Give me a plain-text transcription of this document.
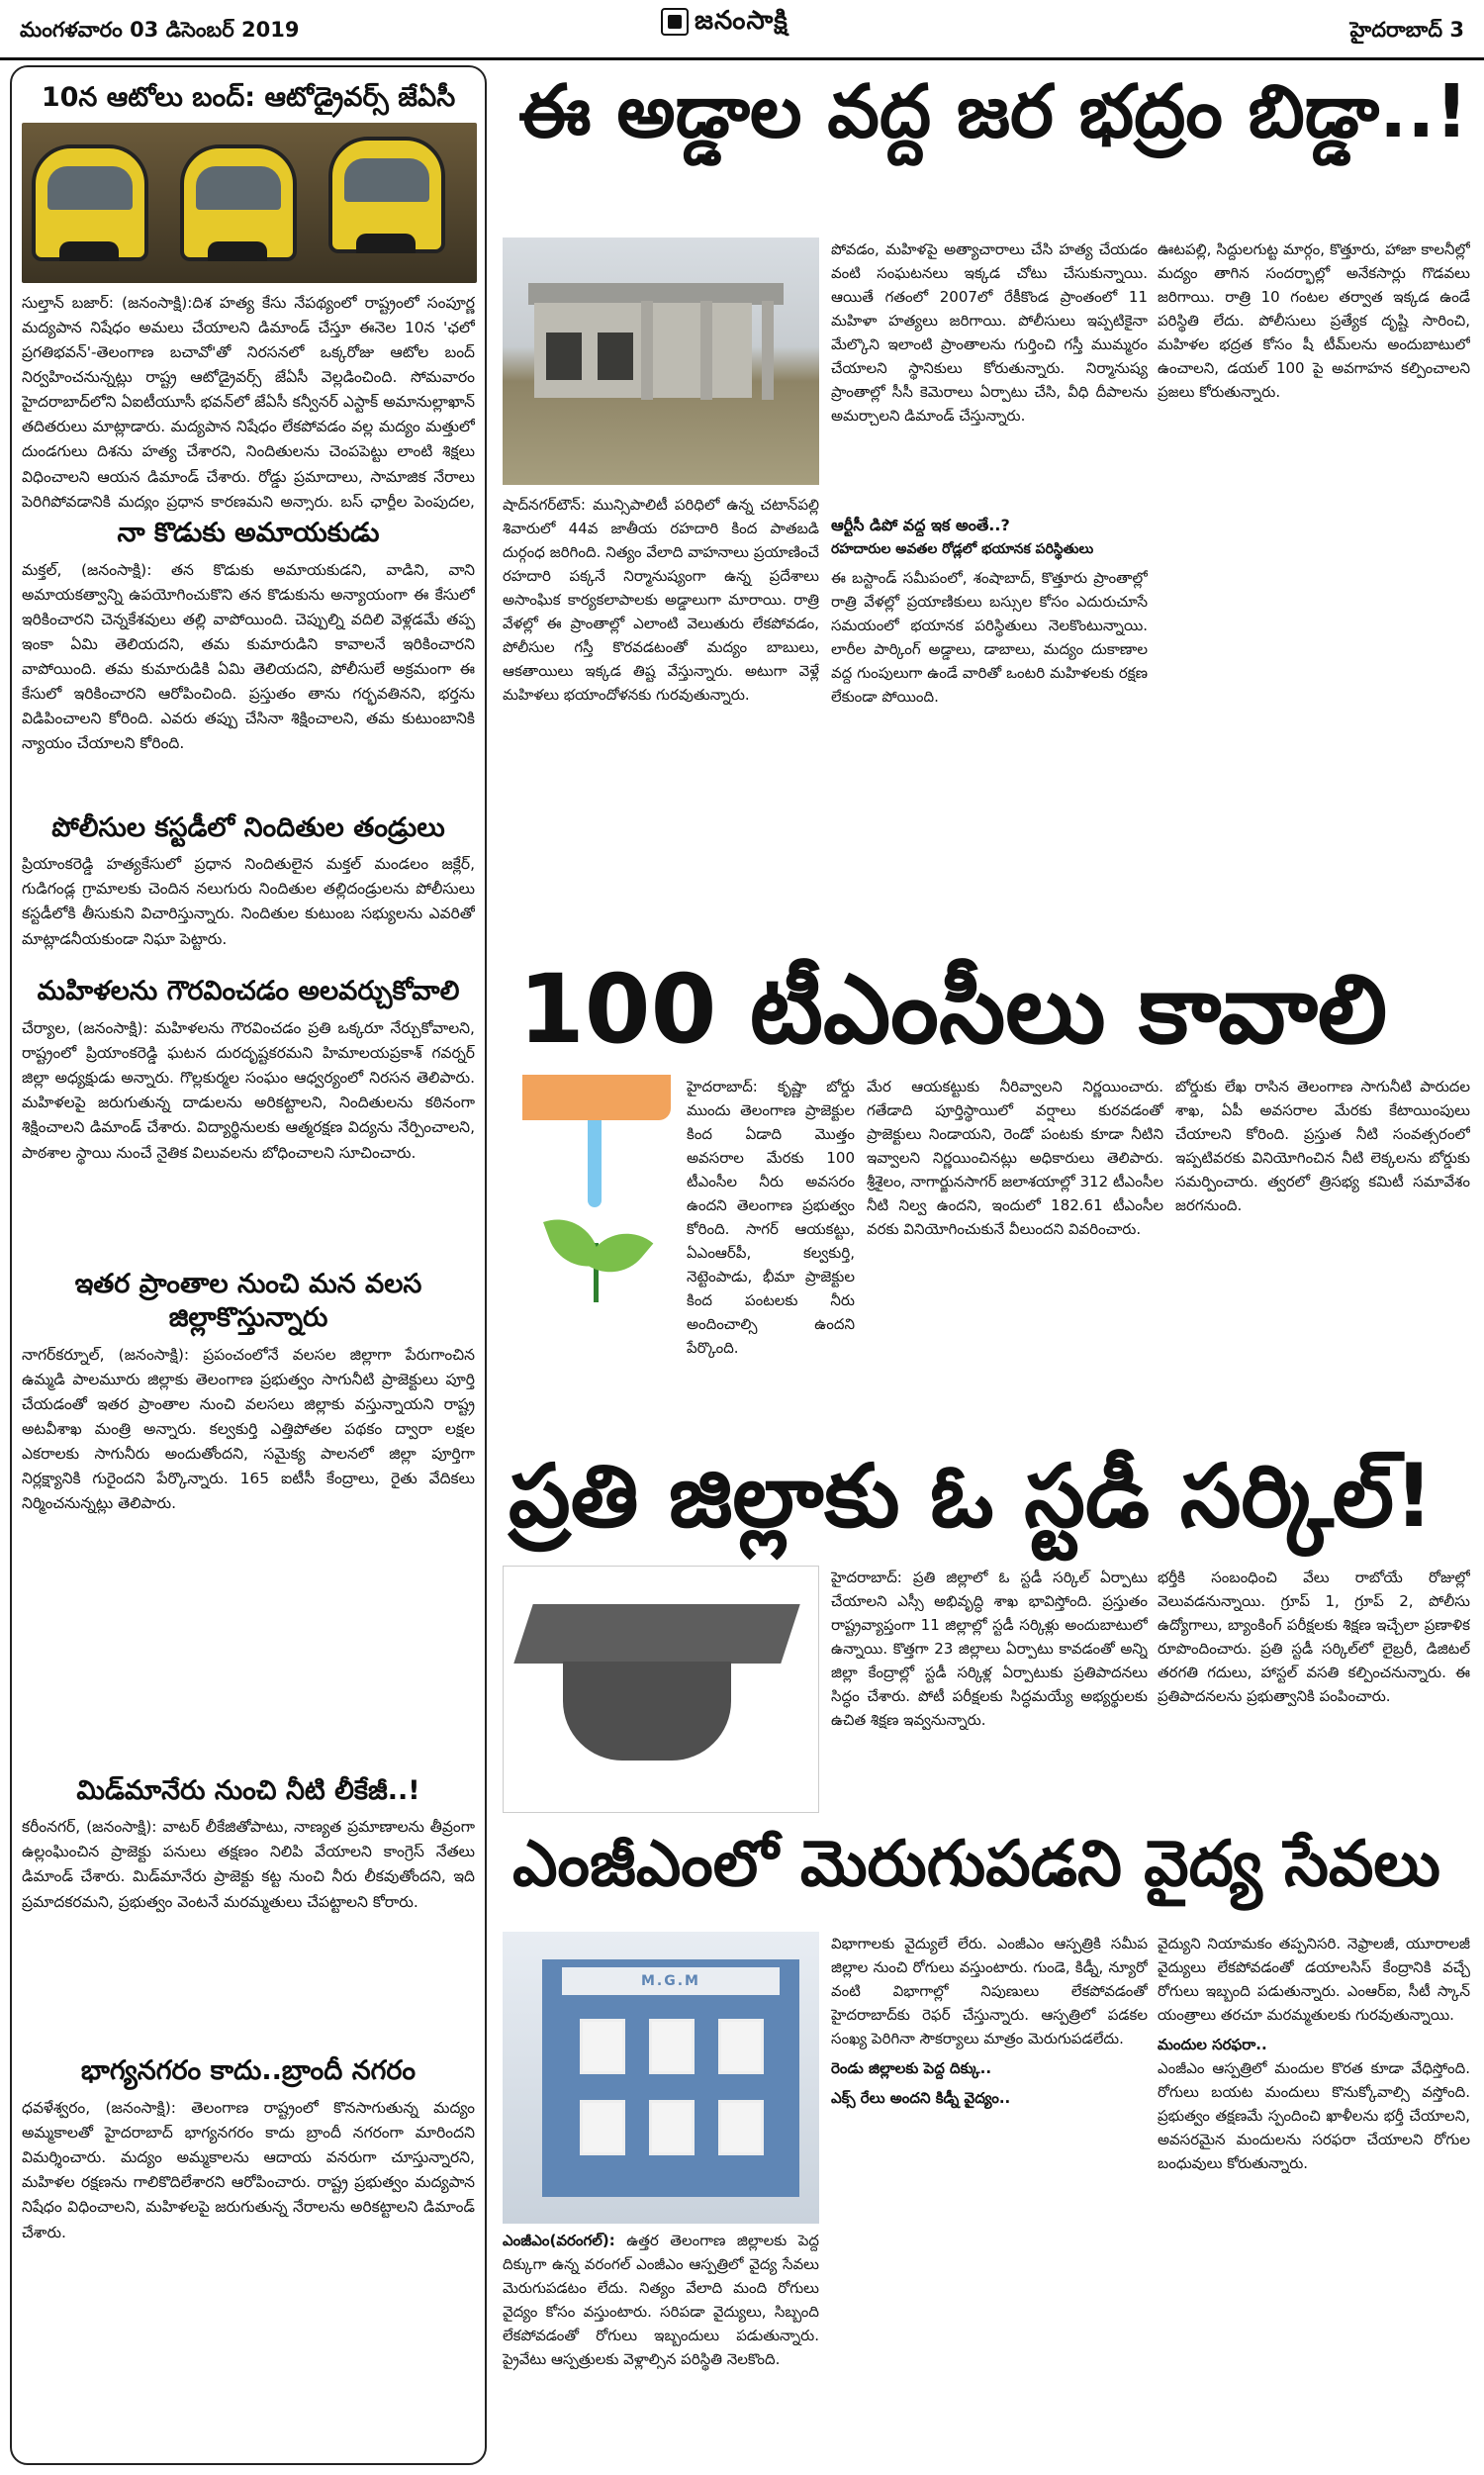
మంగళవారం 03 డిసెంబర్ 2019	జనంసాక్షి	హైదరాబాద్ 3
10న ఆటోలు బంద్‌: ఆటోడ్రైవర్స్‌ జేఏసీ
సుల్తాన్‌ బజార్‌: (జనంసాక్షి):దిశ హత్య కేసు నేపథ్యంలో రాష్ట్రంలో సంపూర్ణ మద్యపాన నిషేధం అమలు చేయాలని డిమాండ్‌ చేస్తూ ఈనెల 10న 'ఛలో ప్రగతిభవన్‌'-తెలంగాణ బచావో'తో నిరసనలో ఒక్కరోజు ఆటోల బంద్‌ నిర్వహించనున్నట్లు రాష్ట్ర ఆటోడ్రైవర్స్‌ జేఏసీ వెల్లడించింది. సోమవారం హైదరాబాద్‌లోని ఏఐటీయూసీ భవన్‌లో జేఏసీ కన్వీనర్‌ ఎస్టాక్‌ అమానుల్లాఖాన్‌ తదితరులు మాట్లాడారు. మద్యపాన నిషేధం లేకపోవడం వల్ల మద్యం మత్తులో దుండగులు దిశను హత్య చేశారని, నిందితులను చెంపపెట్టు లాంటి శిక్షలు విధించాలని ఆయన డిమాండ్‌ చేశారు. రోడ్డు ప్రమాదాలు, సామాజిక నేరాలు పెరిగిపోవడానికి మద్యం ప్రధాన కారణమని అన్నారు. బస్‌ ఛార్జీల పెంపుదల,
నా కొడుకు అమాయకుడు
మక్తల్‌, (జనంసాక్షి): తన కొడుకు అమాయకుడని, వాడిని, వాని అమాయకత్వాన్ని ఉపయోగించుకొని తన కొడుకును అన్యాయంగా ఈ కేసులో ఇరికించారని చెన్నకేశవులు తల్లి వాపోయింది. చెప్పుల్ని వదిలి వెళ్లడమే తప్ప ఇంకా ఏమి తెలియదని, తమ కుమారుడిని కావాలనే ఇరికించారని వాపోయింది. తమ కుమారుడికి ఏమి తెలియదని, పోలీసులే అక్రమంగా ఈ కేసులో ఇరికించారని ఆరోపించింది. ప్రస్తుతం తాను గర్భవతినని, భర్తను విడిపించాలని కోరింది. ఎవరు తప్పు చేసినా శిక్షించాలని, తమ కుటుంబానికి న్యాయం చేయాలని కోరింది.
పోలీసుల కస్టడీలో నిందితుల తండ్రులు
ప్రియాంకరెడ్డి హత్యకేసులో ప్రధాన నిందితులైన మక్తల్‌ మండలం జక్లేర్‌, గుడిగండ్ల గ్రామాలకు చెందిన నలుగురు నిందితుల తల్లిదండ్రులను పోలీసులు కస్టడీలోకి తీసుకుని విచారిస్తున్నారు. నిందితుల కుటుంబ సభ్యులను ఎవరితో మాట్లాడనీయకుండా నిఘా పెట్టారు.
మహిళలను గౌరవించడం అలవర్చుకోవాలి
చేర్యాల, (జనంసాక్షి): మహిళలను గౌరవించడం ప్రతి ఒక్కరూ నేర్చుకోవాలని, రాష్ట్రంలో ప్రియాంకరెడ్డి ఘటన దురదృష్టకరమని హిమాలయప్రకాశ్‌ గవర్నర్‌ జిల్లా అధ్యక్షుడు అన్నారు. గొల్లకుర్మల సంఘం ఆధ్వర్యంలో నిరసన తెలిపారు. మహిళలపై జరుగుతున్న దాడులను అరికట్టాలని, నిందితులను కఠినంగా శిక్షించాలని డిమాండ్‌ చేశారు. విద్యార్థినులకు ఆత్మరక్షణ విద్యను నేర్పించాలని, పాఠశాల స్థాయి నుంచే నైతిక విలువలను బోధించాలని సూచించారు.
ఇతర ప్రాంతాల నుంచి మన వలస జిల్లాకొస్తున్నారు
నాగర్‌కర్నూల్‌, (జనంసాక్షి): ప్రపంచంలోనే వలసల జిల్లాగా పేరుగాంచిన ఉమ్మడి పాలమూరు జిల్లాకు తెలంగాణ ప్రభుత్వం సాగునీటి ప్రాజెక్టులు పూర్తి చేయడంతో ఇతర ప్రాంతాల నుంచి వలసలు జిల్లాకు వస్తున్నాయని రాష్ట్ర అటవీశాఖ మంత్రి అన్నారు. కల్వకుర్తి ఎత్తిపోతల పథకం ద్వారా లక్షల ఎకరాలకు సాగునీరు అందుతోందని, సమైక్య పాలనలో జిల్లా పూర్తిగా నిర్లక్ష్యానికి గురైందని పేర్కొన్నారు. 165 ఐటీసీ కేంద్రాలు, రైతు వేదికలు నిర్మించనున్నట్లు తెలిపారు.
మిడ్‌మానేరు నుంచి నీటి లీకేజీ..!
కరీంనగర్‌, (జనంసాక్షి): వాటర్‌ లీకేజితోపాటు, నాణ్యత ప్రమాణాలను తీవ్రంగా ఉల్లంఘించిన ప్రాజెక్టు పనులు తక్షణం నిలిపి వేయాలని కాంగ్రెస్‌ నేతలు డిమాండ్‌ చేశారు. మిడ్‌మానేరు ప్రాజెక్టు కట్ట నుంచి నీరు లీకవుతోందని, ఇది ప్రమాదకరమని, ప్రభుత్వం వెంటనే మరమ్మతులు చేపట్టాలని కోరారు.
భాగ్యనగరం కాదు..బ్రాందీ నగరం
ధవళేశ్వరం, (జనంసాక్షి): తెలంగాణ రాష్ట్రంలో కొనసాగుతున్న మద్యం అమ్మకాలతో హైదరాబాద్‌ భాగ్యనగరం కాదు బ్రాందీ నగరంగా మారిందని విమర్శించారు. మద్యం అమ్మకాలను ఆదాయ వనరుగా చూస్తున్నారని, మహిళల రక్షణను గాలికొదిలేశారని ఆరోపించారు. రాష్ట్ర ప్రభుత్వం మద్యపాన నిషేధం విధించాలని, మహిళలపై జరుగుతున్న నేరాలను అరికట్టాలని డిమాండ్‌ చేశారు.
ఈ అడ్డాల వద్ద జర భద్రం బిడ్డా..!
షాద్‌నగర్‌టౌన్‌: మున్సిపాలిటీ పరిధిలో ఉన్న చటాన్‌పల్లి శివారులో 44వ జాతీయ రహదారి కింద పాతబడి దుర్గంధ జరిగింది. నిత్యం వేలాది వాహనాలు ప్రయాణించే రహదారి పక్కనే నిర్మానుష్యంగా ఉన్న ప్రదేశాలు అసాంఘిక కార్యకలాపాలకు అడ్డాలుగా మారాయి. రాత్రి వేళల్లో ఈ ప్రాంతాల్లో ఎలాంటి వెలుతురు లేకపోవడం, పోలీసుల గస్తీ కొరవడటంతో మద్యం బాబులు, ఆకతాయిలు ఇక్కడ తిష్ట వేస్తున్నారు. అటుగా వెళ్లే మహిళలు భయాందోళనకు గురవుతున్నారు.
పోవడం, మహిళపై అత్యాచారాలు చేసి హత్య చేయడం వంటి సంఘటనలు ఇక్కడ చోటు చేసుకున్నాయి. ఆయితే గతంలో 2007లో రేకీకొండ ప్రాంతంలో 11 మహిళా హత్యలు జరిగాయి. పోలీసులు ఇప్పటికైనా మేల్కొని ఇలాంటి ప్రాంతాలను గుర్తించి గస్తీ ముమ్మరం చేయాలని స్థానికులు కోరుతున్నారు. నిర్మానుష్య ప్రాంతాల్లో సీసీ కెమెరాలు ఏర్పాటు చేసి, వీధి దీపాలను అమర్చాలని డిమాండ్‌ చేస్తున్నారు.
ఆర్టీసీ డిపో వద్ద ఇక అంతే..?
రహదారుల అవతల రోడ్లలో భయానక పరిస్థితులు
ఈ బస్టాండ్‌ సమీపంలో, శంషాబాద్‌, కొత్తూరు ప్రాంతాల్లో రాత్రి వేళల్లో ప్రయాణికులు బస్సుల కోసం ఎదురుచూసే సమయంలో భయానక పరిస్థితులు నెలకొంటున్నాయి. లారీల పార్కింగ్‌ అడ్డాలు, డాబాలు, మద్యం దుకాణాల వద్ద గుంపులుగా ఉండే వారితో ఒంటరి మహిళలకు రక్షణ లేకుండా పోయింది.
ఊటపల్లి, సిద్దులగుట్ట మార్గం, కొత్తూరు, హాజా కాలనీల్లో మద్యం తాగిన సందర్భాల్లో అనేకసార్లు గొడవలు జరిగాయి. రాత్రి 10 గంటల తర్వాత ఇక్కడ ఉండే పరిస్థితి లేదు. పోలీసులు ప్రత్యేక దృష్టి సారించి, మహిళల భద్రత కోసం షీ టీమ్‌లను అందుబాటులో ఉంచాలని, డయల్‌ 100 పై అవగాహన కల్పించాలని ప్రజలు కోరుతున్నారు.
100 టీఎంసీలు కావాలి
హైదరాబాద్‌: కృష్ణా బోర్డు ముందు తెలంగాణ ప్రాజెక్టుల కింద ఏడాది మొత్తం అవసరాల మేరకు 100 టీఎంసీల నీరు అవసరం ఉందని తెలంగాణ ప్రభుత్వం కోరింది. సాగర్‌ ఆయకట్టు, ఏఎంఆర్‌పీ, కల్వకుర్తి, నెట్టెంపాడు, భీమా ప్రాజెక్టుల కింద పంటలకు నీరు అందించాల్సి ఉందని పేర్కొంది.
మేర ఆయకట్టుకు నీరివ్వాలని నిర్ణయించారు. గతేడాది పూర్తిస్థాయిలో వర్షాలు కురవడంతో ప్రాజెక్టులు నిండాయని, రెండో పంటకు కూడా నీటిని ఇవ్వాలని నిర్ణయించినట్లు అధికారులు తెలిపారు. శ్రీశైలం, నాగార్జునసాగర్‌ జలాశయాల్లో 312 టీఎంసీల నీటి నిల్వ ఉందని, ఇందులో 182.61 టీఎంసీల వరకు వినియోగించుకునే వీలుందని వివరించారు.
బోర్డుకు లేఖ రాసిన తెలంగాణ సాగునీటి పారుదల శాఖ, ఏపీ అవసరాల మేరకు కేటాయింపులు చేయాలని కోరింది. ప్రస్తుత నీటి సంవత్సరంలో ఇప్పటివరకు వినియోగించిన నీటి లెక్కలను బోర్డుకు సమర్పించారు. త్వరలో త్రిసభ్య కమిటీ సమావేశం జరగనుంది.
ప్రతి జిల్లాకు ఓ స్టడీ సర్కిల్‌!
హైదరాబాద్‌: ప్రతి జిల్లాలో ఓ స్టడీ సర్కిల్‌ ఏర్పాటు చేయాలని ఎస్సీ అభివృద్ధి శాఖ భావిస్తోంది. ప్రస్తుతం రాష్ట్రవ్యాప్తంగా 11 జిల్లాల్లో స్టడీ సర్కిళ్లు అందుబాటులో ఉన్నాయి. కొత్తగా 23 జిల్లాలు ఏర్పాటు కావడంతో అన్ని జిల్లా కేంద్రాల్లో స్టడీ సర్కిళ్ల ఏర్పాటుకు ప్రతిపాదనలు సిద్ధం చేశారు. పోటీ పరీక్షలకు సిద్ధమయ్యే అభ్యర్థులకు ఉచిత శిక్షణ ఇవ్వనున్నారు.
భర్తీకి సంబంధించి వేలు రాబోయే రోజుల్లో వెలువడనున్నాయి. గ్రూప్‌ 1, గ్రూప్‌ 2, పోలీసు ఉద్యోగాలు, బ్యాంకింగ్‌ పరీక్షలకు శిక్షణ ఇచ్చేలా ప్రణాళిక రూపొందించారు. ప్రతి స్టడీ సర్కిల్‌లో లైబ్రరీ, డిజిటల్‌ తరగతి గదులు, హాస్టల్‌ వసతి కల్పించనున్నారు. ఈ ప్రతిపాదనలను ప్రభుత్వానికి పంపించారు.
ఎంజీఎంలో మెరుగుపడని వైద్య సేవలు
M.G.M
ఎంజీఎం(వరంగల్‌): ఉత్తర తెలంగాణ జిల్లాలకు పెద్ద దిక్కుగా ఉన్న వరంగల్‌ ఎంజీఎం ఆస్పత్రిలో వైద్య సేవలు మెరుగుపడటం లేదు. నిత్యం వేలాది మంది రోగులు వైద్యం కోసం వస్తుంటారు. సరిపడా వైద్యులు, సిబ్బంది లేకపోవడంతో రోగులు ఇబ్బందులు పడుతున్నారు. ప్రైవేటు ఆస్పత్రులకు వెళ్లాల్సిన పరిస్థితి నెలకొంది.
విభాగాలకు వైద్యులే లేరు. ఎంజీఎం ఆస్పత్రికి సమీప జిల్లాల నుంచి రోగులు వస్తుంటారు. గుండె, కిడ్నీ, న్యూరో వంటి విభాగాల్లో నిపుణులు లేకపోవడంతో హైదరాబాద్‌కు రెఫర్‌ చేస్తున్నారు. ఆస్పత్రిలో పడకల సంఖ్య పెరిగినా సౌకర్యాలు మాత్రం మెరుగుపడలేదు.
రెండు జిల్లాలకు పెద్ద దిక్కు..
ఎక్స్‌ రేలు అందని కిడ్నీ వైద్యం..
వైద్యుని నియామకం తప్పనిసరి. నెఫ్రాలజీ, యూరాలజీ వైద్యులు లేకపోవడంతో డయాలసిస్‌ కేంద్రానికి వచ్చే రోగులు ఇబ్బంది పడుతున్నారు. ఎంఆర్‌ఐ, సీటీ స్కాన్‌ యంత్రాలు తరచూ మరమ్మతులకు గురవుతున్నాయి.
మందుల సరఫరా..
ఎంజీఎం ఆస్పత్రిలో మందుల కొరత కూడా వేధిస్తోంది. రోగులు బయట మందులు కొనుక్కోవాల్సి వస్తోంది. ప్రభుత్వం తక్షణమే స్పందించి ఖాళీలను భర్తీ చేయాలని, అవసరమైన మందులను సరఫరా చేయాలని రోగుల బంధువులు కోరుతున్నారు.
